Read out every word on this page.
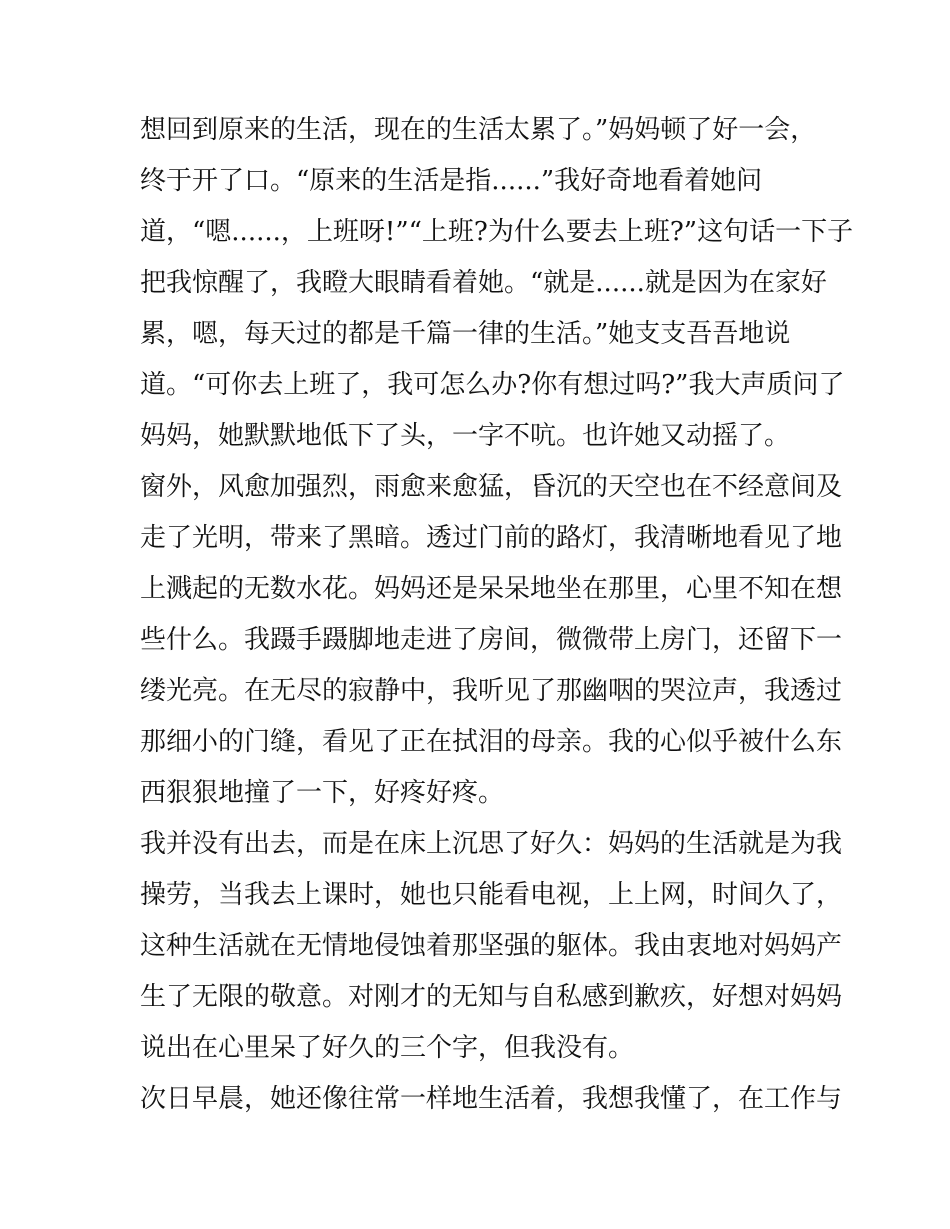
想回到原来的生活，现在的生活太累了。”妈妈顿了好一会，
终于开了口。“原来的生活是指......”我好奇地看着她问
道，“嗯......，上班呀!”“上班?为什么要去上班?”这句话一下子
把我惊醒了，我瞪大眼睛看着她。“就是......就是因为在家好
累，嗯，每天过的都是千篇一律的生活。”她支支吾吾地说
道。“可你去上班了，我可怎么办?你有想过吗?”我大声质问了
妈妈，她默默地低下了头，一字不吭。也许她又动摇了。
窗外，风愈加强烈，雨愈来愈猛，昏沉的天空也在不经意间及
走了光明，带来了黑暗。透过门前的路灯，我清晰地看见了地
上溅起的无数水花。妈妈还是呆呆地坐在那里，心里不知在想
些什么。我蹑手蹑脚地走进了房间，微微带上房门，还留下一
缕光亮。在无尽的寂静中，我听见了那幽咽的哭泣声，我透过
那细小的门缝，看见了正在拭泪的母亲。我的心似乎被什么东
西狠狠地撞了一下，好疼好疼。
我并没有出去，而是在床上沉思了好久：妈妈的生活就是为我
操劳，当我去上课时，她也只能看电视，上上网，时间久了，
这种生活就在无情地侵蚀着那坚强的躯体。我由衷地对妈妈产
生了无限的敬意。对刚才的无知与自私感到歉疚，好想对妈妈
说出在心里呆了好久的三个字，但我没有。
次日早晨，她还像往常一样地生活着，我想我懂了，在工作与
